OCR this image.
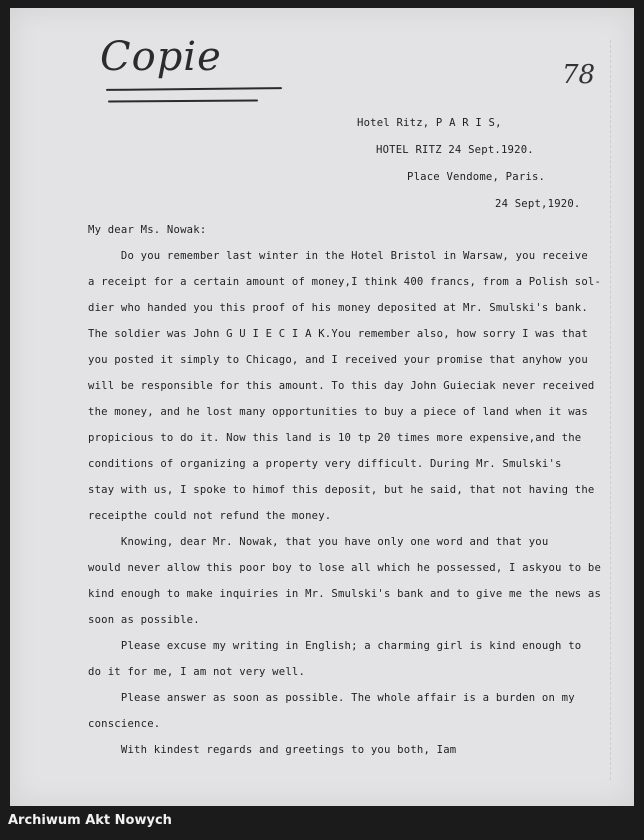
Copie	78
Hotel Ritz, P A R I S,
HOTEL RITZ 24 Sept.1920.
Place Vendome, Paris.
24 Sept,1920.
My dear Ms. Nowak:
Do you remember last winter in the Hotel Bristol in Warsaw, you receive
a receipt for a certain amount of money,I think 400 francs, from a Polish sol-
dier who handed you this proof of his money deposited at Mr. Smulski's bank.
The soldier was John G U I E C I A K.You remember also, how sorry I was that
you posted it simply to Chicago, and I received your promise that anyhow you
will be responsible for this amount. To this day John Guieciak never received
the money, and he lost many opportunities to buy a piece of land when it was
propicious to do it. Now this land is 10 tp 20 times more expensive,and the
conditions of organizing a property very difficult. During Mr. Smulski's
stay with us, I spoke to himof this deposit, but he said, that not having the
receipthe could not refund the money.
Knowing, dear Mr. Nowak, that you have only one word and that you
would never allow this poor boy to lose all which he possessed, I askyou to be
kind enough to make inquiries in Mr. Smulski's bank and to give me the news as
soon as possible.
Please excuse my writing in English; a charming girl is kind enough to
do it for me, I am not very well.
Please answer as soon as possible. The whole affair is a burden on my
conscience.
With kindest regards and greetings to you both, Iam
Archiwum Akt Nowych
